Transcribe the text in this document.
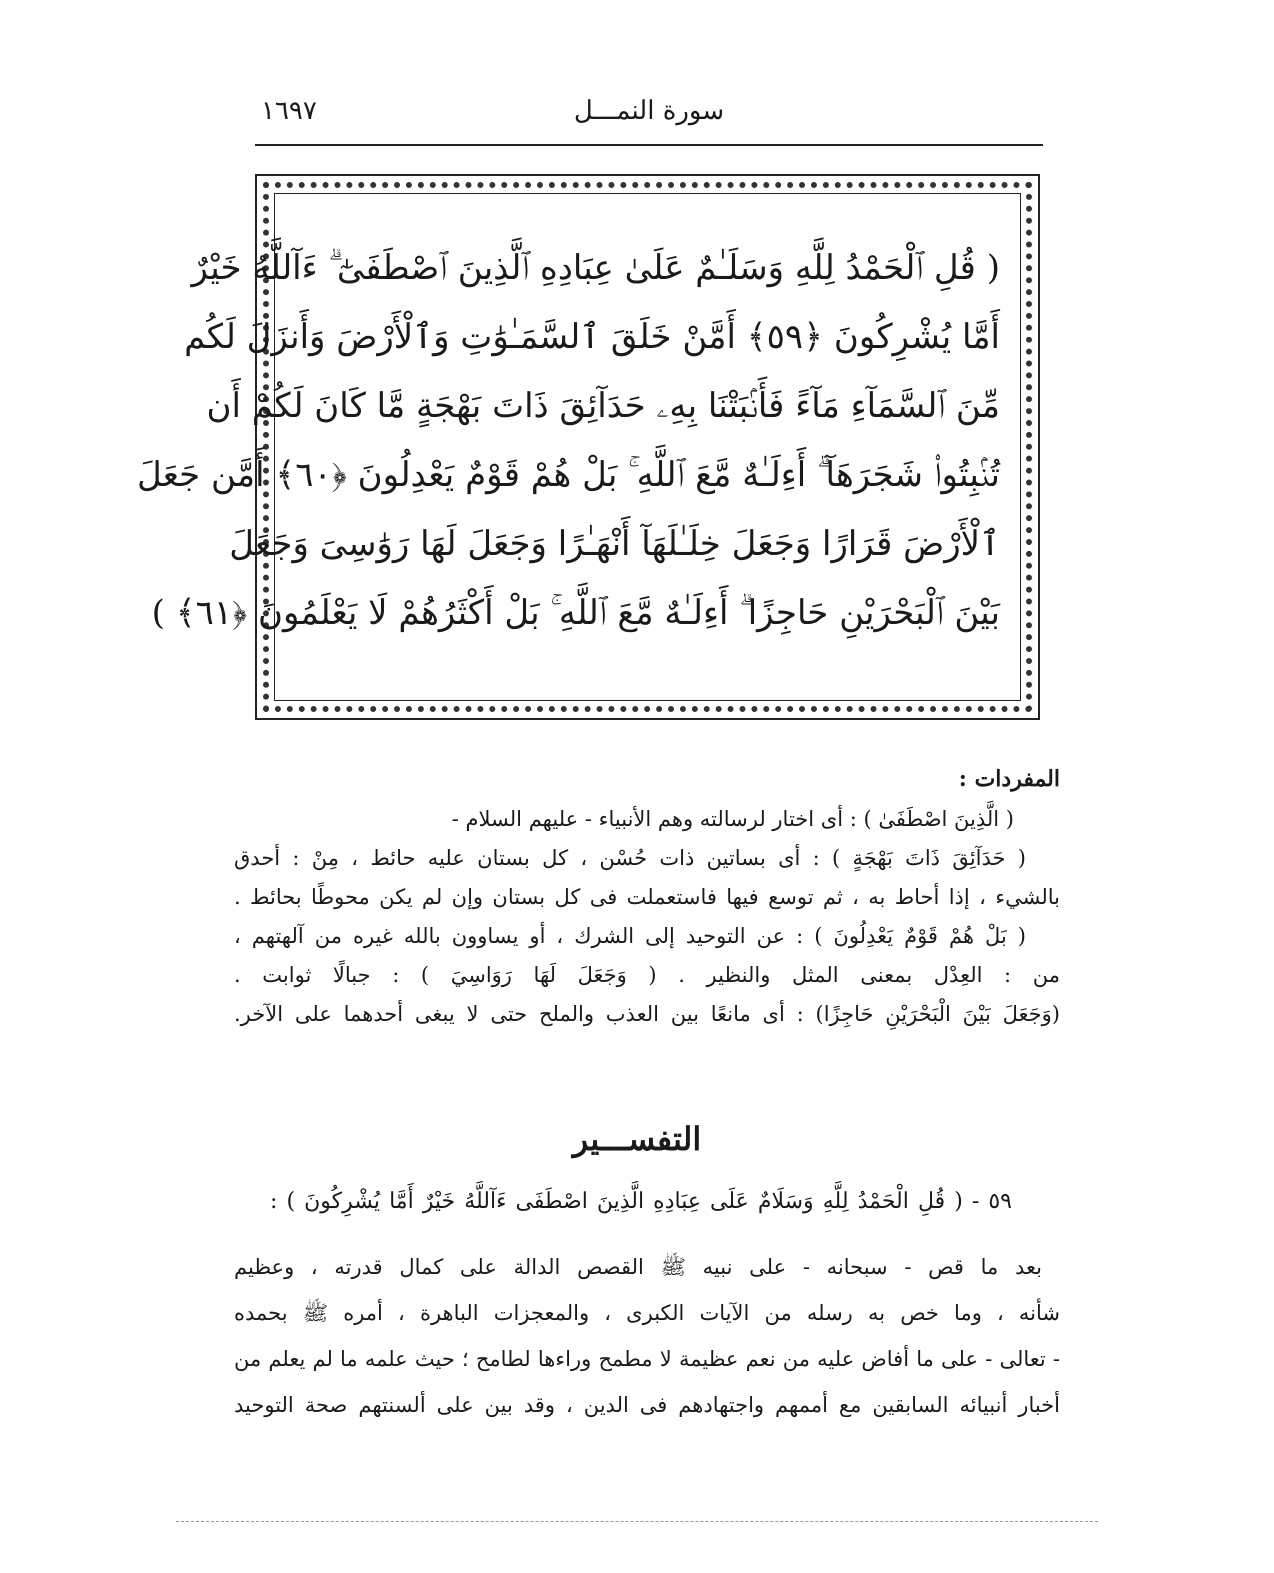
سورة النمـــل
١٦٩٧
( قُلِ ٱلْحَمْدُ لِلَّهِ وَسَلَـٰمٌ عَلَىٰ عِبَادِهِ ٱلَّذِينَ ٱصْطَفَىٰٓ ۗ ءَآللَّهُ خَيْرٌ
أَمَّا يُشْرِكُونَ ﴿٥٩﴾ أَمَّنْ خَلَقَ ٱلسَّمَـٰوَٰتِ وَٱلْأَرْضَ وَأَنزَلَ لَكُم
مِّنَ ٱلسَّمَآءِ مَآءً فَأَنۢبَتْنَا بِهِۦ حَدَآئِقَ ذَاتَ بَهْجَةٍ مَّا كَانَ لَكُمْ أَن
تُنۢبِتُوا۟ شَجَرَهَآ ۗ أَءِلَـٰهٌ مَّعَ ٱللَّهِ ۚ بَلْ هُمْ قَوْمٌ يَعْدِلُونَ ﴿٦٠﴾ أَمَّن جَعَلَ
ٱلْأَرْضَ قَرَارًا وَجَعَلَ خِلَـٰلَهَآ أَنْهَـٰرًا وَجَعَلَ لَهَا رَوَٰسِىَ وَجَعَلَ
بَيْنَ ٱلْبَحْرَيْنِ حَاجِزًا ۗ أَءِلَـٰهٌ مَّعَ ٱللَّهِ ۚ بَلْ أَكْثَرُهُمْ لَا يَعْلَمُونَ ﴿٦١﴾ )
المفردات :
( الَّذِينَ اصْطَفَىٰ ) : أى اختار لرسالته وهم الأنبياء - عليهم السلام -
( حَدَآئِقَ ذَاتَ بَهْجَةٍ ) : أى بساتين ذات حُسْن ، كل بستان عليه حائط ، مِنْ : أحدق
بالشيء ، إذا أحاط به ، ثم توسع فيها فاستعملت فى كل بستان وإن لم يكن محوطًا بحائط .
( بَلْ هُمْ قَوْمٌ يَعْدِلُونَ ) : عن التوحيد إلى الشرك ، أو يساوون بالله غيره من آلهتهم ،
من : العِدْل بمعنى المثل والنظير . ( وَجَعَلَ لَهَا رَوَاسِيَ ) : جبالًا ثوابت .
(وَجَعَلَ بَيْنَ الْبَحْرَيْنِ حَاجِزًا) : أى مانعًا بين العذب والملح حتى لا يبغى أحدهما على الآخر.
التفســـير
٥٩ - ( قُلِ الْحَمْدُ لِلَّهِ وَسَلَامٌ عَلَى عِبَادِهِ الَّذِينَ اصْطَفَى ءَآللَّهُ خَيْرٌ أَمَّا يُشْرِكُونَ ) :
بعد ما قص - سبحانه - على نبيه ﷺ القصص الدالة على كمال قدرته ، وعظيم
شأنه ، وما خص به رسله من الآيات الكبرى ، والمعجزات الباهرة ، أمره ﷺ بحمده
- تعالى - على ما أفاض عليه من نعم عظيمة لا مطمح وراءها لطامح ؛ حيث علمه ما لم يعلم من
أخبار أنبيائه السابقين مع أممهم واجتهادهم فى الدين ، وقد بين على ألسنتهم صحة التوحيد
